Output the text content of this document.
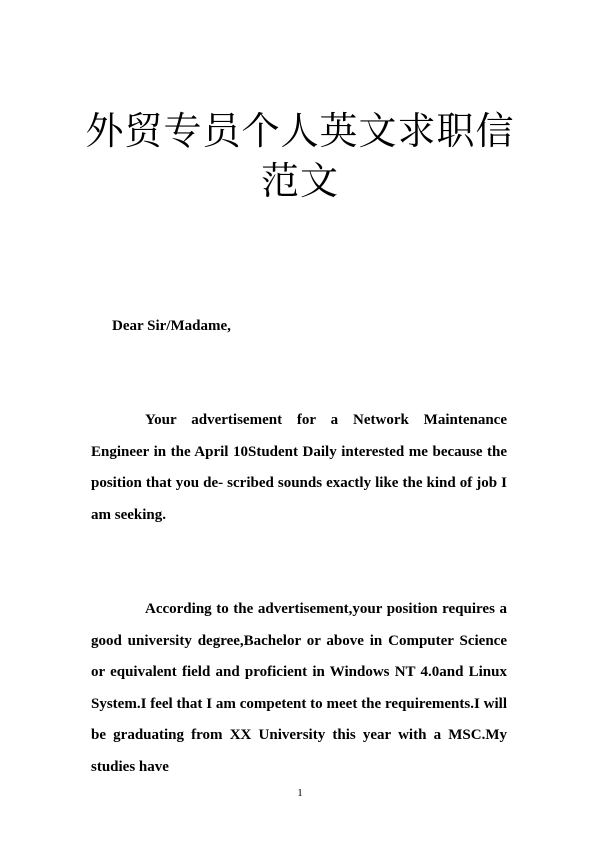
外贸专员个人英文求职信
范文
Dear Sir/Madame,

Your advertisement for a Network Maintenance Engineer in the April 10Student Daily interested me because the position that you de- scribed sounds exactly like the kind of job I am seeking.

According to the advertisement,your position requires a good university degree,Bachelor or above in Computer Science or equivalent field and proficient in Windows NT 4.0and Linux System.I feel that I am competent to meet the requirements.I will be graduating from XX University this year with a MSC.My studies have

1
